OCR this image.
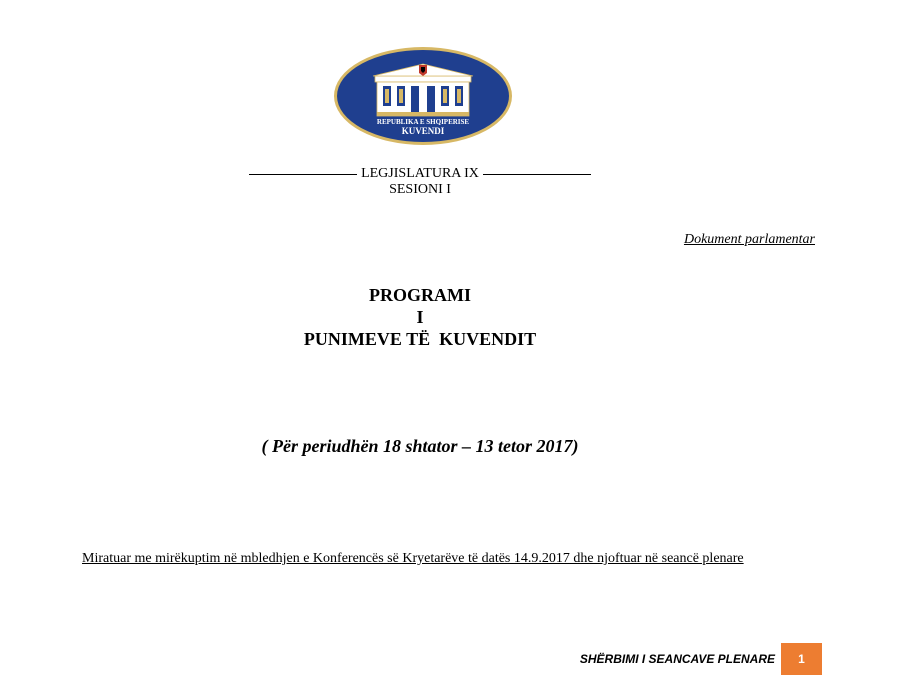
REPUBLIKA E SHQIPERISE
KUVENDI
LEGJISLATURA IX
SESIONI I
Dokument parlamentar
PROGRAMI
I
PUNIMEVE TË  KUVENDIT
( Për periudhën 18 shtator – 13 tetor 2017)
Miratuar me mirëkuptim në mbledhjen e Konferencës së Kryetarëve të datës 14.9.2017 dhe njoftuar në seancë plenare
SHËRBIMI I SEANCAVE PLENARE	1
